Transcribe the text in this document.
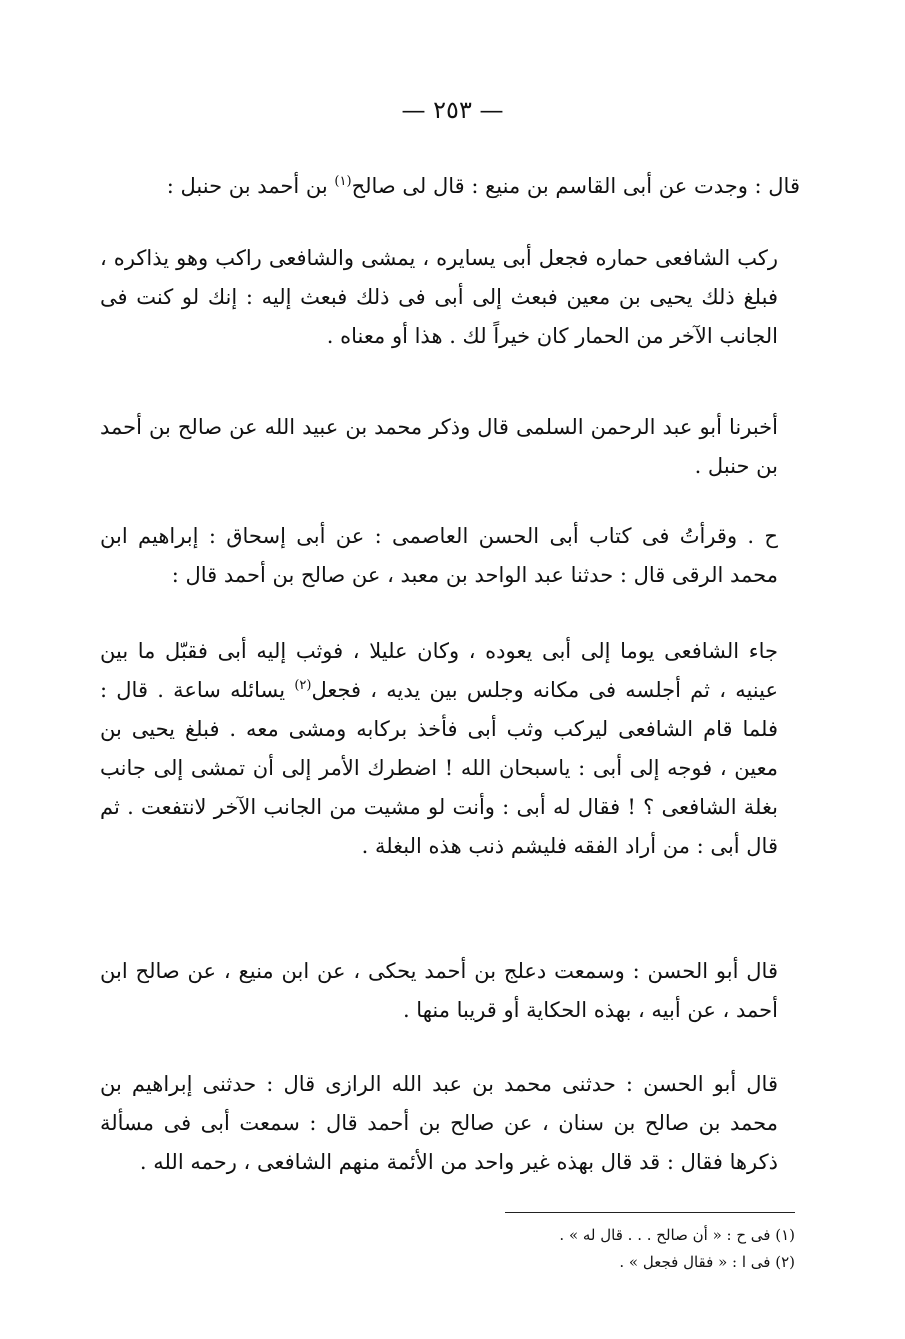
— ٢٥٣ —

قال : وجدت عن أبى القاسم بن منيع : قال لى صالح$^{(١)}$ بن أحمد بن حنبل :

ركب الشافعى حماره فجعل أبى يسايره ، يمشى والشافعى راكب وهو يذاكره ، فبلغ ذلك يحيى بن معين فبعث إلى أبى فى ذلك فبعث إليه : إنك لو كنت فى الجانب الآخر من الحمار كان خيراً لك . هذا أو معناه .

أخبرنا أبو عبد الرحمن السلمى قال وذكر محمد بن عبيد الله عن صالح بن أحمد بن حنبل .

ح . وقرأتُ فى كتاب أبى الحسن العاصمى : عن أبى إسحاق : إبراهيم ابن محمد الرقى قال : حدثنا عبد الواحد بن معبد ، عن صالح بن أحمد قال :

جاء الشافعى يوما إلى أبى يعوده ، وكان عليلا ، فوثب إليه أبى فقبّل ما بين عينيه ، ثم أجلسه فى مكانه وجلس بين يديه ، فجعل$^{(٢)}$ يسائله ساعة . قال : فلما قام الشافعى ليركب وثب أبى فأخذ بركابه ومشى معه . فبلغ يحيى بن معين ، فوجه إلى أبى : ياسبحان الله ! اضطرك الأمر إلى أن تمشى إلى جانب بغلة الشافعى ؟ ! فقال له أبى : وأنت لو مشيت من الجانب الآخر لانتفعت . ثم قال أبى : من أراد الفقه فليشم ذنب هذه البغلة .

قال أبو الحسن : وسمعت دعلج بن أحمد يحكى ، عن ابن منيع ، عن صالح ابن أحمد ، عن أبيه ، بهذه الحكاية أو قريبا منها .

قال أبو الحسن : حدثنى محمد بن عبد الله الرازى قال : حدثنى إبراهيم بن محمد بن صالح بن سنان ، عن صالح بن أحمد قال : سمعت أبى فى مسألة ذكرها فقال : قد قال بهذه غير واحد من الأئمة منهم الشافعى ، رحمه الله .

(١) فى ح : « أن صالح . . . قال له » .
(٢) فى ا : « فقال فجعل » .
